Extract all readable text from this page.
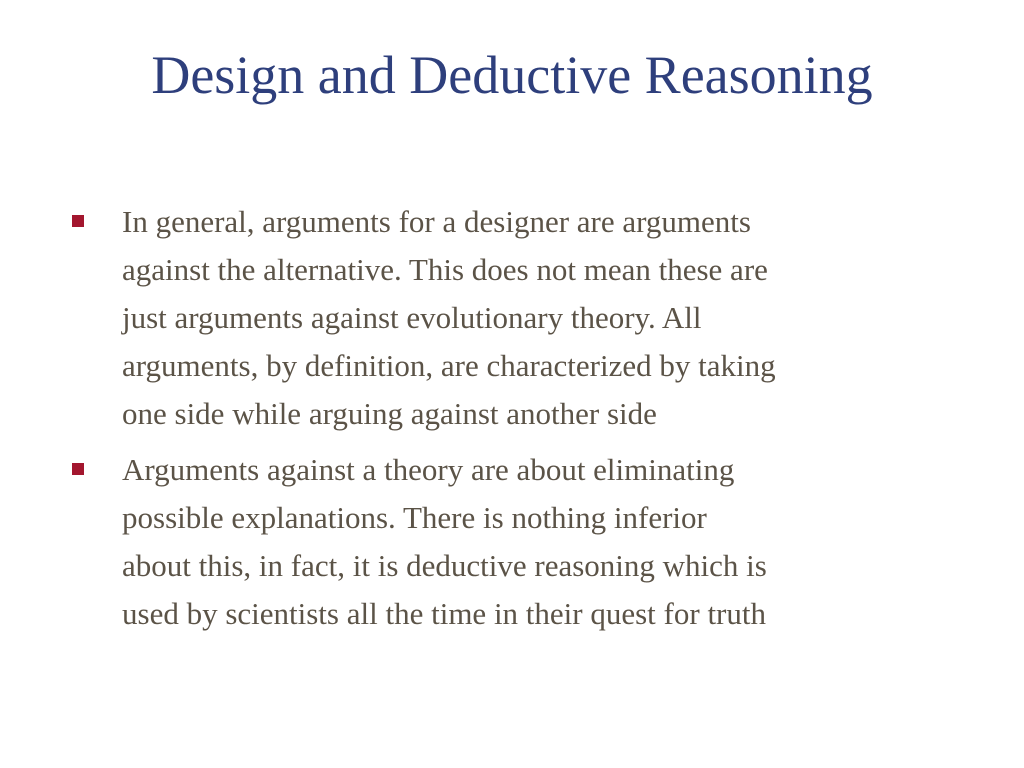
Design and Deductive Reasoning
In general, arguments for a designer are arguments
against the alternative. This does not mean these are
just arguments against evolutionary theory. All
arguments, by definition, are characterized by taking
one side while arguing against another side
Arguments against a theory are about eliminating
possible explanations. There is nothing inferior
about this, in fact, it is deductive reasoning which is
used by scientists all the time in their quest for truth
